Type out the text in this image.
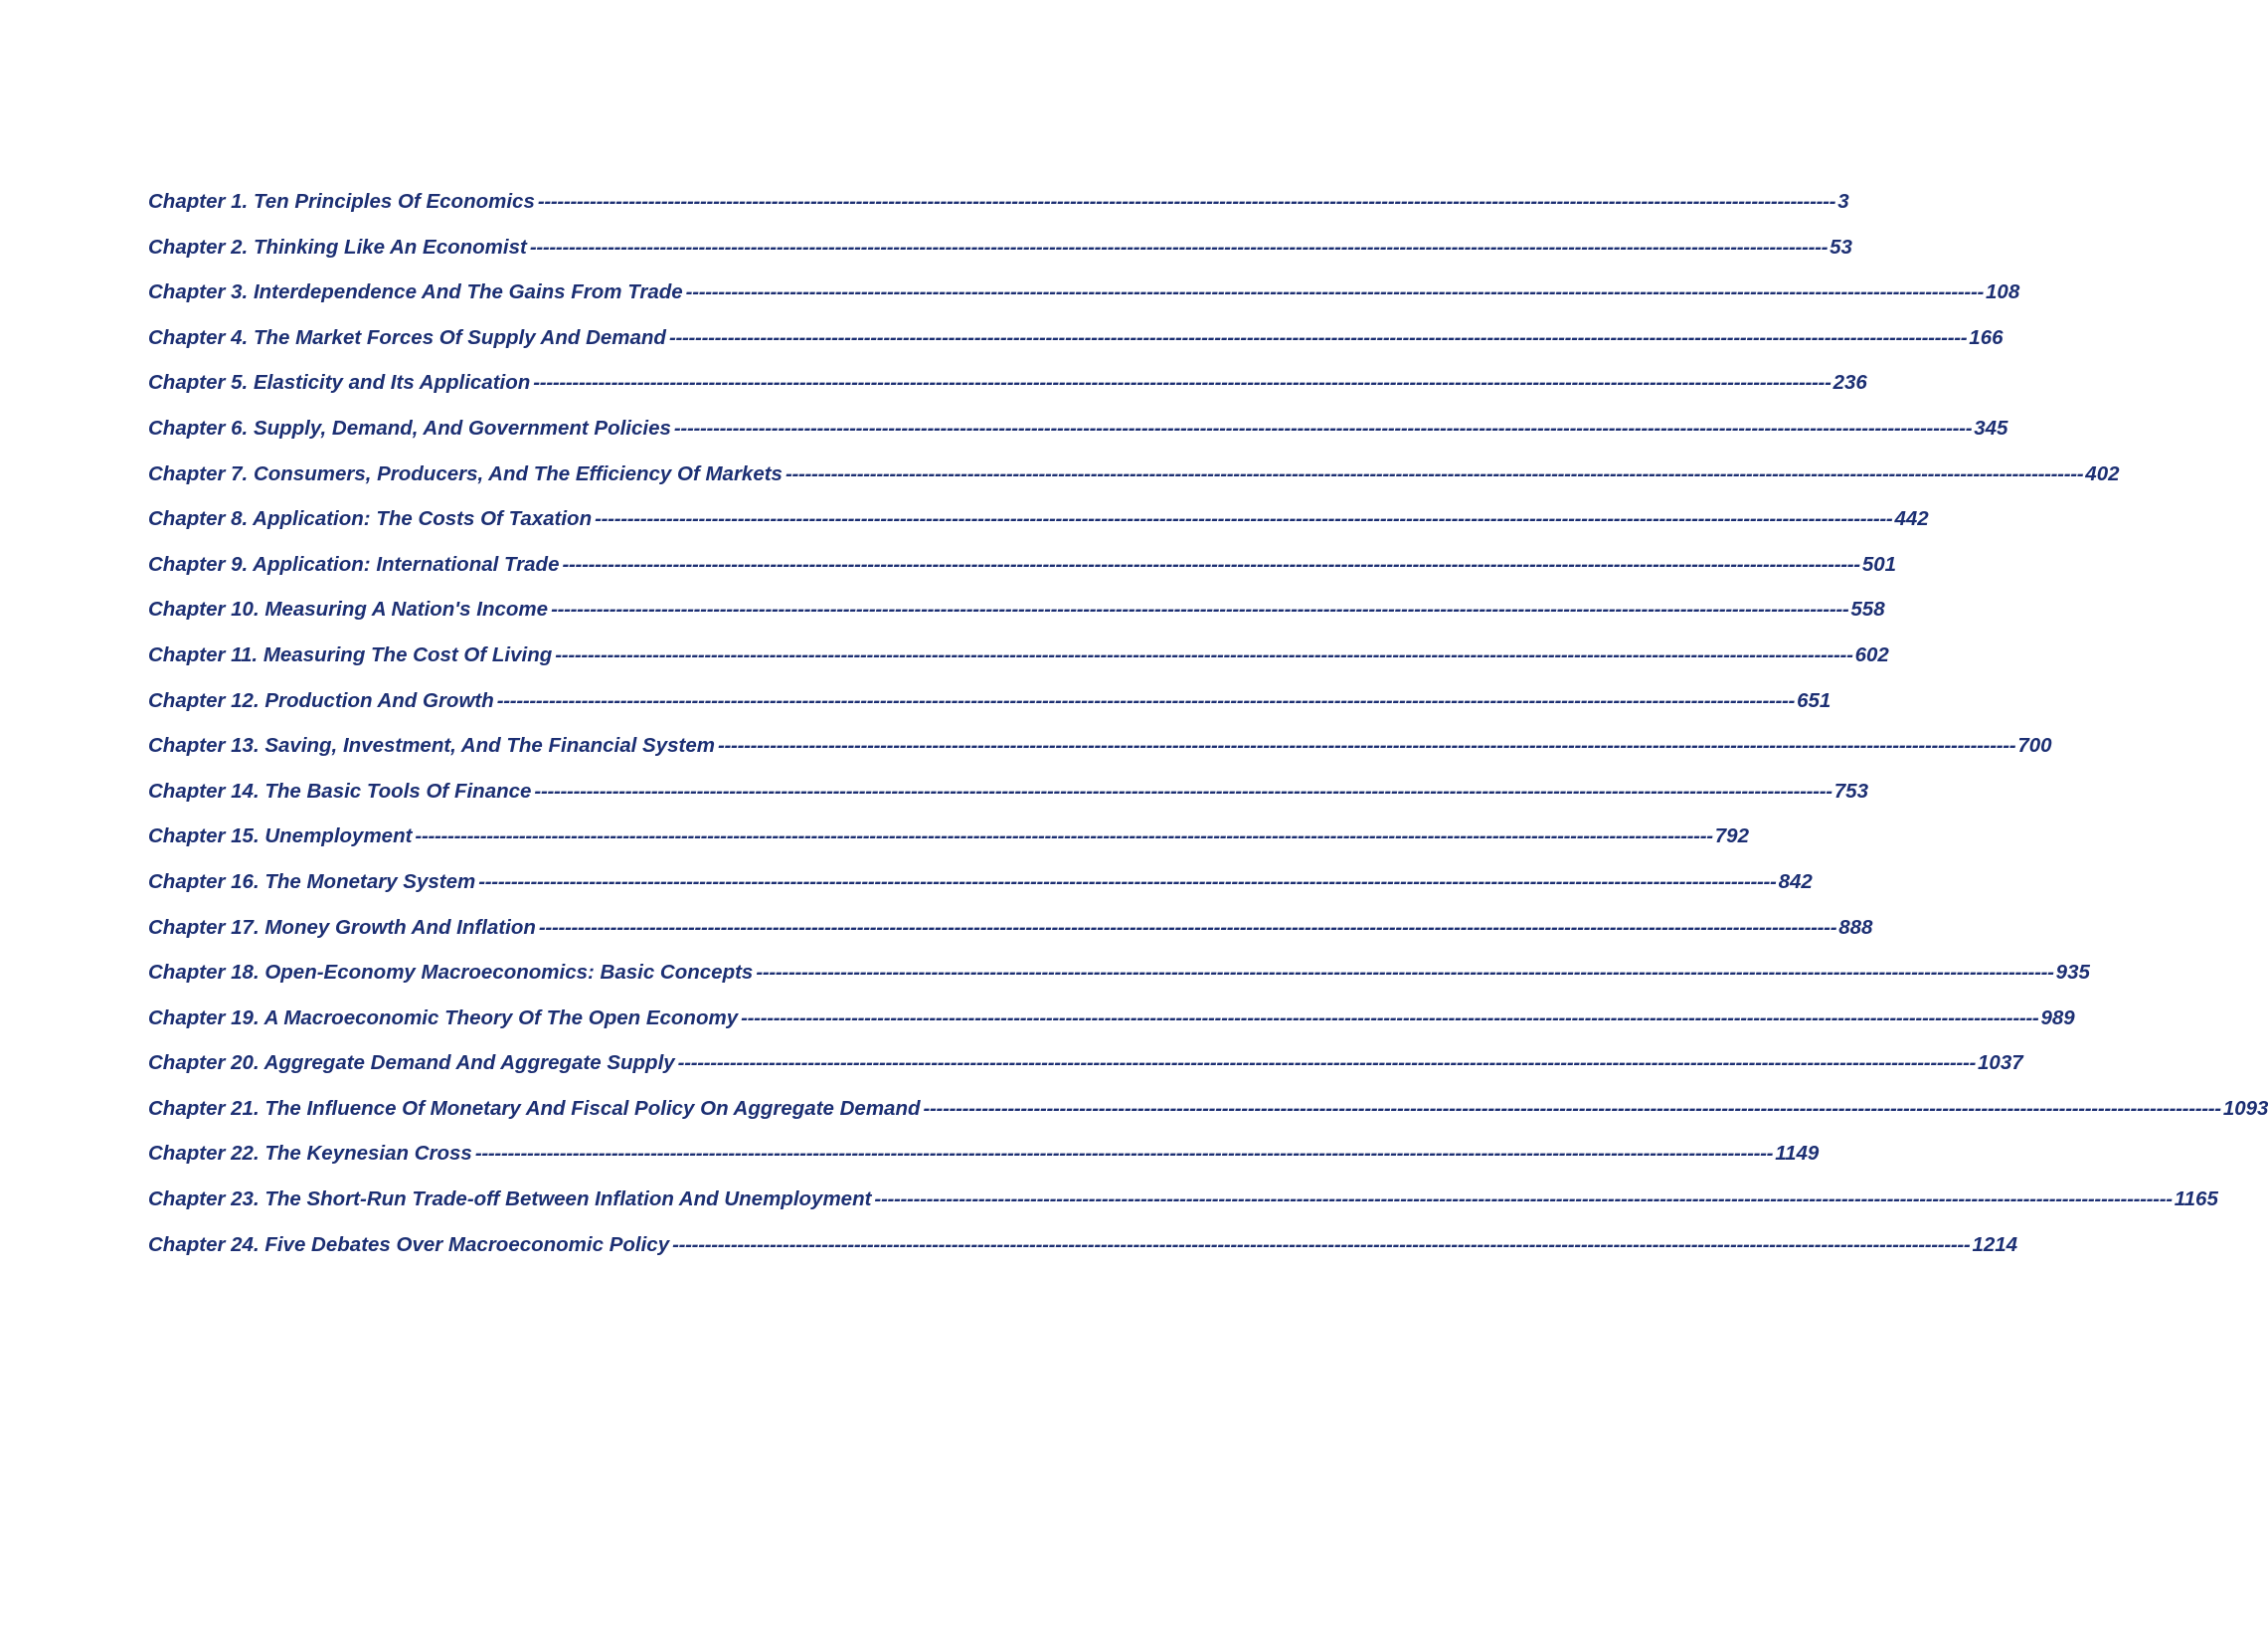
Chapter 1. Ten Principles Of Economics -------------------------------------------------------------------------------------------------------------------------------------------------------------------------------------------------------- 3
Chapter 2. Thinking Like An Economist -------------------------------------------------------------------------------------------------------------------------------------------------------------------------------------------------------- 53
Chapter 3. Interdependence And The Gains From Trade -------------------------------------------------------------------------------------------------------------------------------------------------------------------------------------------------------- 108
Chapter 4. The Market Forces Of Supply And Demand -------------------------------------------------------------------------------------------------------------------------------------------------------------------------------------------------------- 166
Chapter 5. Elasticity and Its Application -------------------------------------------------------------------------------------------------------------------------------------------------------------------------------------------------------- 236
Chapter 6. Supply, Demand, And Government Policies -------------------------------------------------------------------------------------------------------------------------------------------------------------------------------------------------------- 345
Chapter 7. Consumers, Producers, And The Efficiency Of Markets -------------------------------------------------------------------------------------------------------------------------------------------------------------------------------------------------------- 402
Chapter 8. Application: The Costs Of Taxation -------------------------------------------------------------------------------------------------------------------------------------------------------------------------------------------------------- 442
Chapter 9. Application: International Trade -------------------------------------------------------------------------------------------------------------------------------------------------------------------------------------------------------- 501
Chapter 10. Measuring A Nation's Income -------------------------------------------------------------------------------------------------------------------------------------------------------------------------------------------------------- 558
Chapter 11. Measuring The Cost Of Living -------------------------------------------------------------------------------------------------------------------------------------------------------------------------------------------------------- 602
Chapter 12. Production And Growth -------------------------------------------------------------------------------------------------------------------------------------------------------------------------------------------------------- 651
Chapter 13. Saving, Investment, And The Financial System -------------------------------------------------------------------------------------------------------------------------------------------------------------------------------------------------------- 700
Chapter 14. The Basic Tools Of Finance -------------------------------------------------------------------------------------------------------------------------------------------------------------------------------------------------------- 753
Chapter 15. Unemployment -------------------------------------------------------------------------------------------------------------------------------------------------------------------------------------------------------- 792
Chapter 16. The Monetary System -------------------------------------------------------------------------------------------------------------------------------------------------------------------------------------------------------- 842
Chapter 17. Money Growth And Inflation -------------------------------------------------------------------------------------------------------------------------------------------------------------------------------------------------------- 888
Chapter 18. Open-Economy Macroeconomics: Basic Concepts -------------------------------------------------------------------------------------------------------------------------------------------------------------------------------------------------------- 935
Chapter 19. A Macroeconomic Theory Of The Open Economy -------------------------------------------------------------------------------------------------------------------------------------------------------------------------------------------------------- 989
Chapter 20. Aggregate Demand And Aggregate Supply -------------------------------------------------------------------------------------------------------------------------------------------------------------------------------------------------------- 1037
Chapter 21. The Influence Of Monetary And Fiscal Policy On Aggregate Demand -------------------------------------------------------------------------------------------------------------------------------------------------------------------------------------------------------- 1093
Chapter 22. The Keynesian Cross -------------------------------------------------------------------------------------------------------------------------------------------------------------------------------------------------------- 1149
Chapter 23. The Short-Run Trade-off Between Inflation And Unemployment -------------------------------------------------------------------------------------------------------------------------------------------------------------------------------------------------------- 1165
Chapter 24. Five Debates Over Macroeconomic Policy -------------------------------------------------------------------------------------------------------------------------------------------------------------------------------------------------------- 1214
